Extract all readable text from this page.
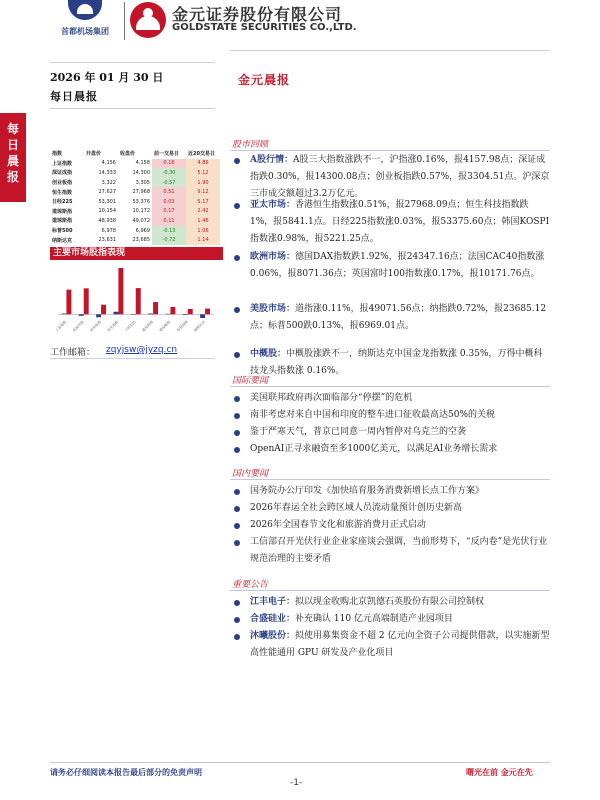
首都机场集团
金元证券股份有限公司
GOLDSTATE SECURITIES CO.,LTD.
2026 年 01 月 30 日
每日晨报
每日晨报
指数	开盘价	收盘价	前一交易日	近20交易日
上证指数	4,156	4,158	0.16	4.86
深证成指	14,333	14,300	-0.30	5.12
创业板指	3,322	3,305	-0.57	1.90
恒生指数	27,627	27,968	0.51	9.12
日经225	53,301	53,376	0.03	5.17
道琼斯指	10,154	10,172	0.17	2.42
道琼斯指	48,938	49,072	0.11	1.46
标普500	6,978	6,969	-0.13	1.06
纳斯达克	23,631	23,685	-0.72	1.14
主要市场股指表现
上证指数 深证成指 创业板指 恒生指数 日经225 道琼斯指 道琼斯指 标普500 纳斯达克
工作邮箱： zqyjsw@jyzq.cn
金元晨报
股市回顾
A股行情：A股三大指数涨跌不一，沪指涨0.16%，报4157.98点；深证成指跌0.30%，报14300.08点；创业板指跌0.57%，报3304.51点。沪深京三市成交额超过3.2万亿元。
亚太市场：香港恒生指数涨0.51%，报27968.09点；恒生科技指数跌1%，报5841.1点。日经225指数涨0.03%，报53375.60点；韩国KOSPI指数涨0.98%，报5221.25点。
欧洲市场：德国DAX指数跌1.92%，报24347.16点；法国CAC40指数涨0.06%，报8071.36点；英国富时100指数涨0.17%，报10171.76点。
美股市场：道指涨0.11%，报49071.56点；纳指跌0.72%，报23685.12点；标普500跌0.13%，报6969.01点。
中概股：中概股涨跌不一，纳斯达克中国金龙指数涨 0.35%，万得中概科技龙头指数涨 0.16%。
国际要闻
美国联邦政府再次面临部分“停摆”的危机
南非考虑对来自中国和印度的整车进口征收最高达50%的关税
鉴于严寒天气，普京已同意一周内暂停对乌克兰的空袭
OpenAI正寻求融资至多1000亿美元，以满足AI业务增长需求
国内要闻
国务院办公厅印发《加快培育服务消费新增长点工作方案》
2026年春运全社会跨区域人员流动量预计创历史新高
2026年全国春节文化和旅游消费月正式启动
工信部召开光伏行业企业家座谈会强调，当前形势下，“反内卷”是光伏行业规范治理的主要矛盾
重要公告
江丰电子：拟以现金收购北京凯德石英股份有限公司控制权
合盛硅业：补充确认 110 亿元高端制造产业园项目
沐曦股份：拟使用募集资金不超 2 亿元向全资子公司提供借款，以实施新型高性能通用 GPU 研发及产业化项目
请务必仔细阅读本报告最后部分的免责声明	曙光在前 金元在先
-1-
